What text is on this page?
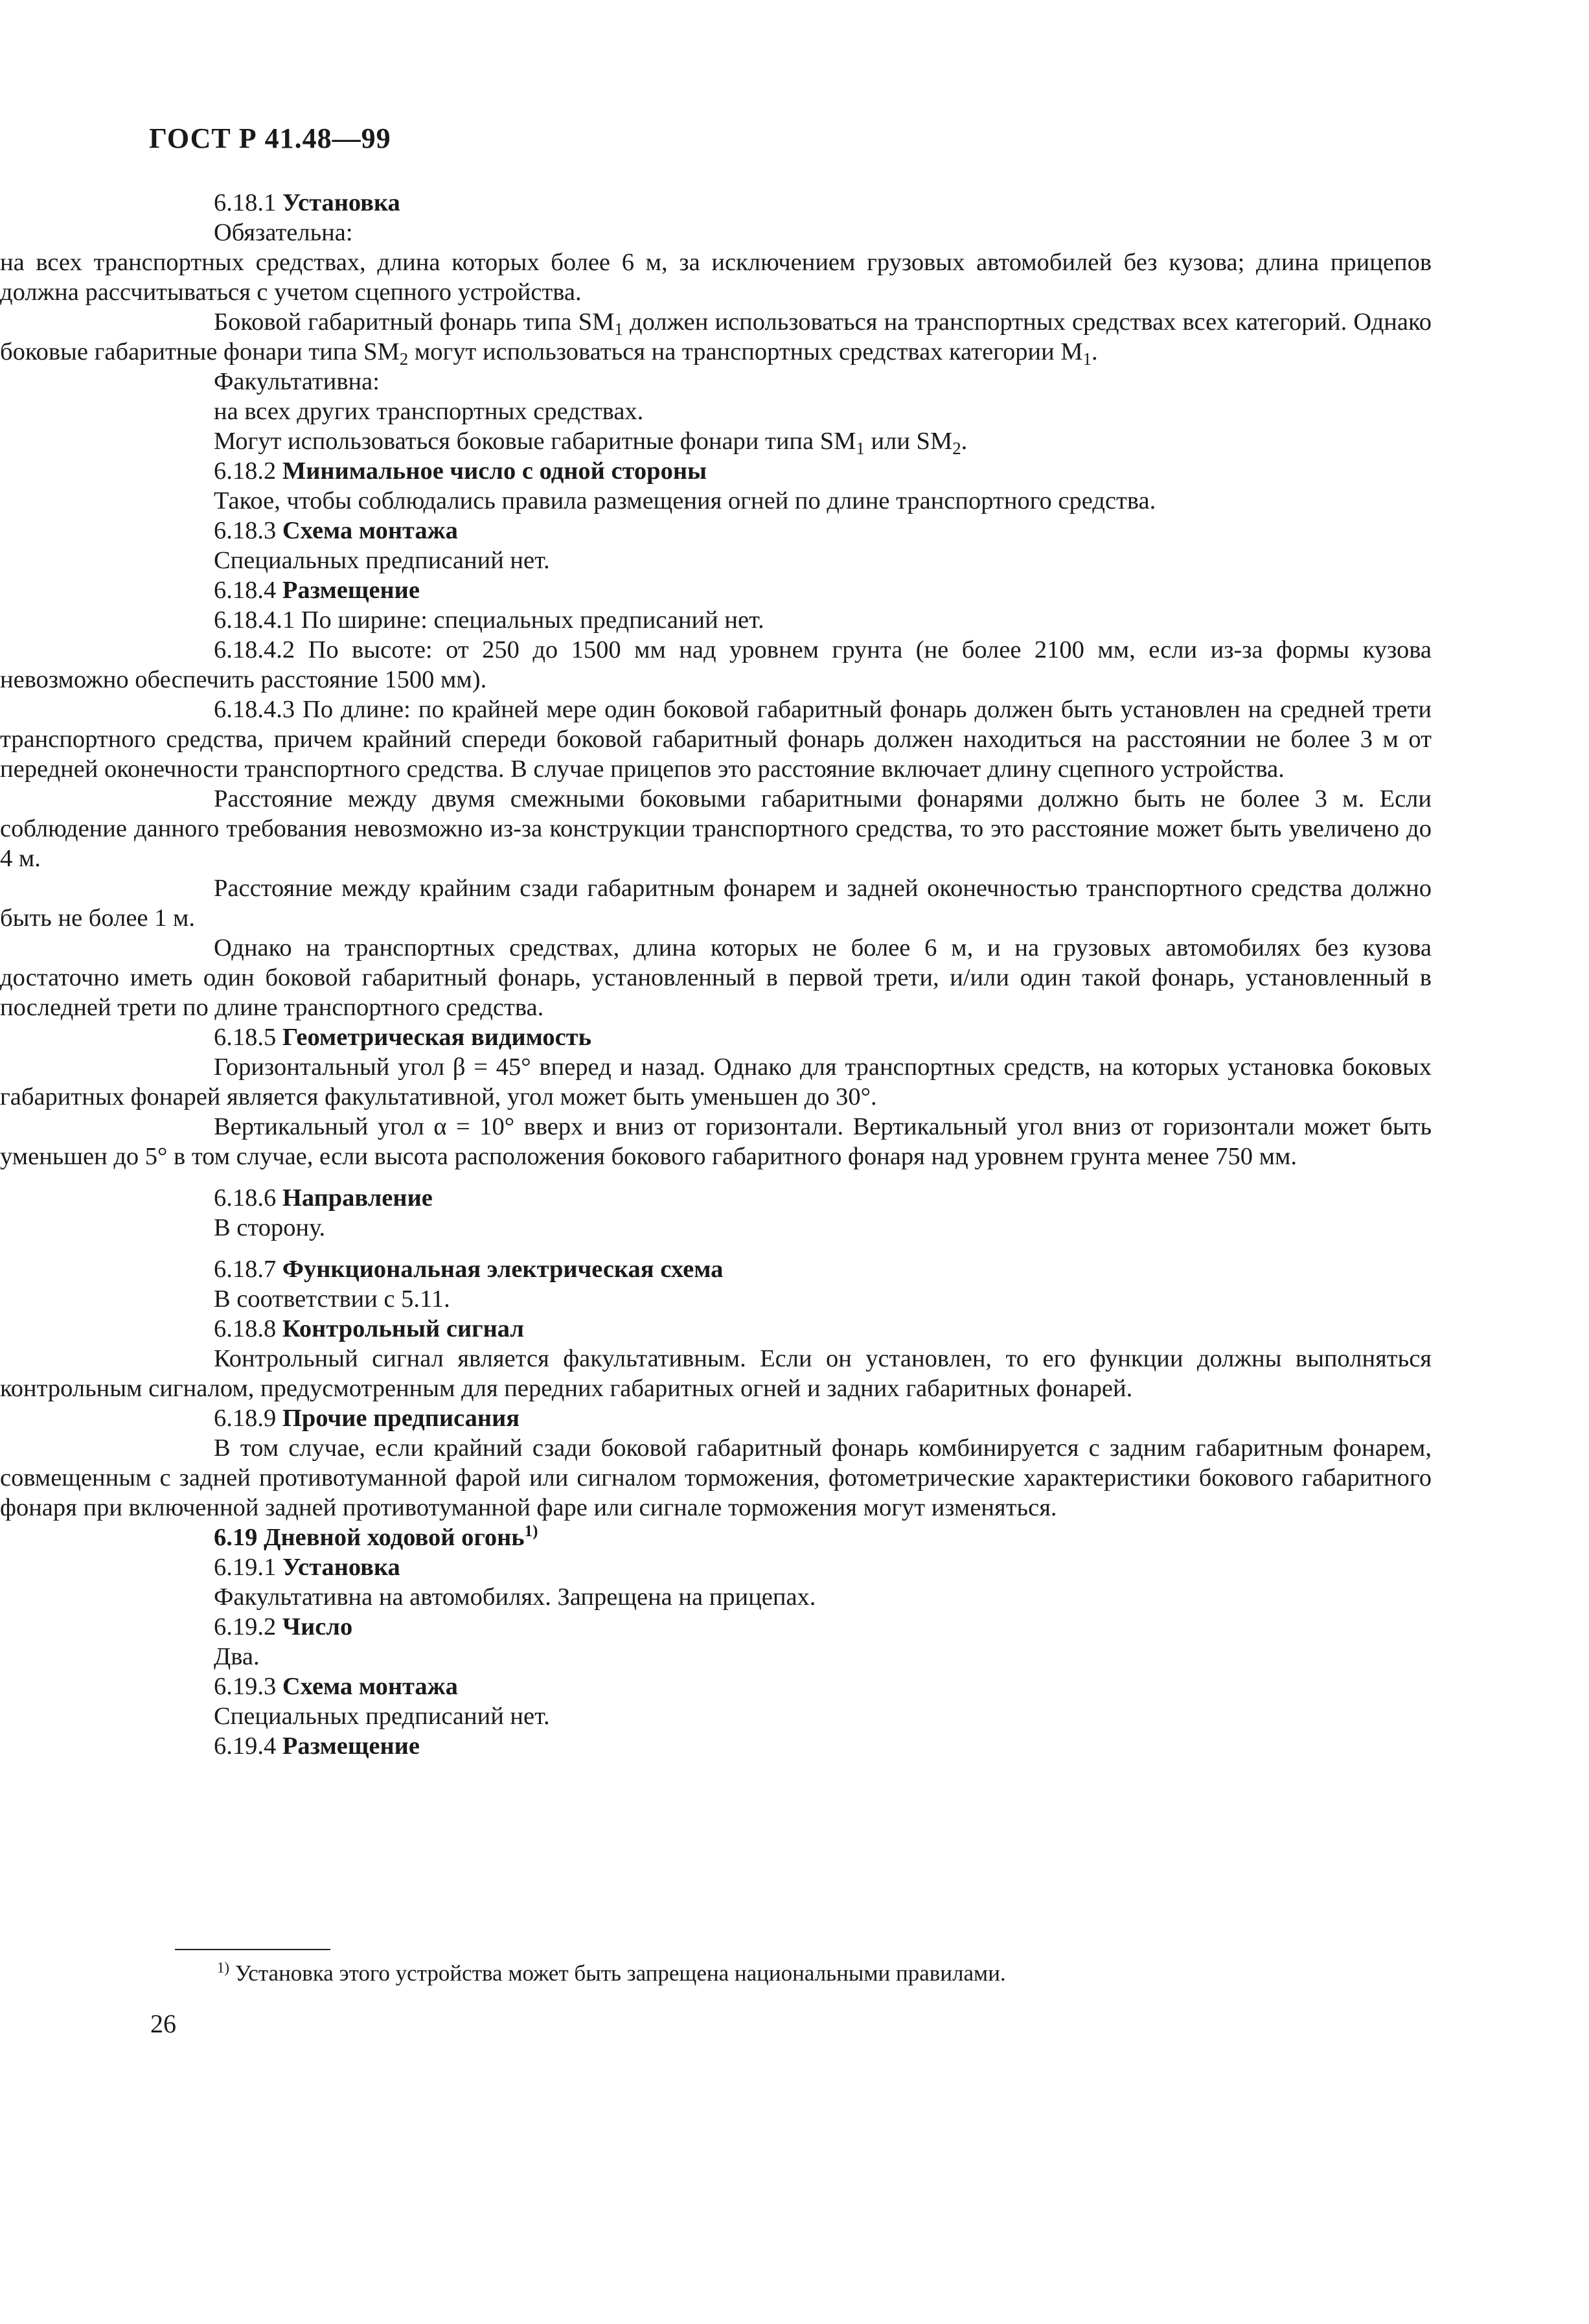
ГОСТ Р 41.48—99

6.18.1 Установка

Обязательна:

на всех транспортных средствах, длина которых более 6 м, за исключением грузовых автомобилей без кузова; длина прицепов должна рассчитываться с учетом сцепного устройства.

Боковой габаритный фонарь типа $SM_1$ должен использоваться на транспортных средствах всех категорий. Однако боковые габаритные фонари типа $SM_2$ могут использоваться на транспортных средствах категории $M_1$.

Факультативна:

на всех других транспортных средствах.

Могут использоваться боковые габаритные фонари типа $SM_1$ или $SM_2$.

6.18.2 Минимальное число с одной стороны

Такое, чтобы соблюдались правила размещения огней по длине транспортного средства.

6.18.3 Схема монтажа

Специальных предписаний нет.

6.18.4 Размещение

6.18.4.1 По ширине: специальных предписаний нет.

6.18.4.2 По высоте: от 250 до 1500 мм над уровнем грунта (не более 2100 мм, если из-за формы кузова невозможно обеспечить расстояние 1500 мм).

6.18.4.3 По длине: по крайней мере один боковой габаритный фонарь должен быть установлен на средней трети транспортного средства, причем крайний спереди боковой габаритный фонарь должен находиться на расстоянии не более 3 м от передней оконечности транспортного средства. В случае прицепов это расстояние включает длину сцепного устройства.

Расстояние между двумя смежными боковыми габаритными фонарями должно быть не более 3 м. Если соблюдение данного требования невозможно из-за конструкции транспортного средства, то это расстояние может быть увеличено до 4 м.

Расстояние между крайним сзади габаритным фонарем и задней оконечностью транспортного средства должно быть не более 1 м.

Однако на транспортных средствах, длина которых не более 6 м, и на грузовых автомобилях без кузова достаточно иметь один боковой габаритный фонарь, установленный в первой трети, и/или один такой фонарь, установленный в последней трети по длине транспортного средства.

6.18.5 Геометрическая видимость

Горизонтальный угол β = 45° вперед и назад. Однако для транспортных средств, на которых установка боковых габаритных фонарей является факультативной, угол может быть уменьшен до 30°.

Вертикальный угол α = 10° вверх и вниз от горизонтали. Вертикальный угол вниз от горизонтали может быть уменьшен до 5° в том случае, если высота расположения бокового габаритного фонаря над уровнем грунта менее 750 мм.

6.18.6 Направление

В сторону.

6.18.7 Функциональная электрическая схема

В соответствии с 5.11.

6.18.8 Контрольный сигнал

Контрольный сигнал является факультативным. Если он установлен, то его функции должны выполняться контрольным сигналом, предусмотренным для передних габаритных огней и задних габаритных фонарей.

6.18.9 Прочие предписания

В том случае, если крайний сзади боковой габаритный фонарь комбинируется с задним габаритным фонарем, совмещенным с задней противотуманной фарой или сигналом торможения, фотометрические характеристики бокового габаритного фонаря при включенной задней противотуманной фаре или сигнале торможения могут изменяться.

6.19 Дневной ходовой огонь$^{1)}$

6.19.1 Установка

Факультативна на автомобилях. Запрещена на прицепах.

6.19.2 Число

Два.

6.19.3 Схема монтажа

Специальных предписаний нет.

6.19.4 Размещение

$^{1)}$ Установка этого устройства может быть запрещена национальными правилами.
26
